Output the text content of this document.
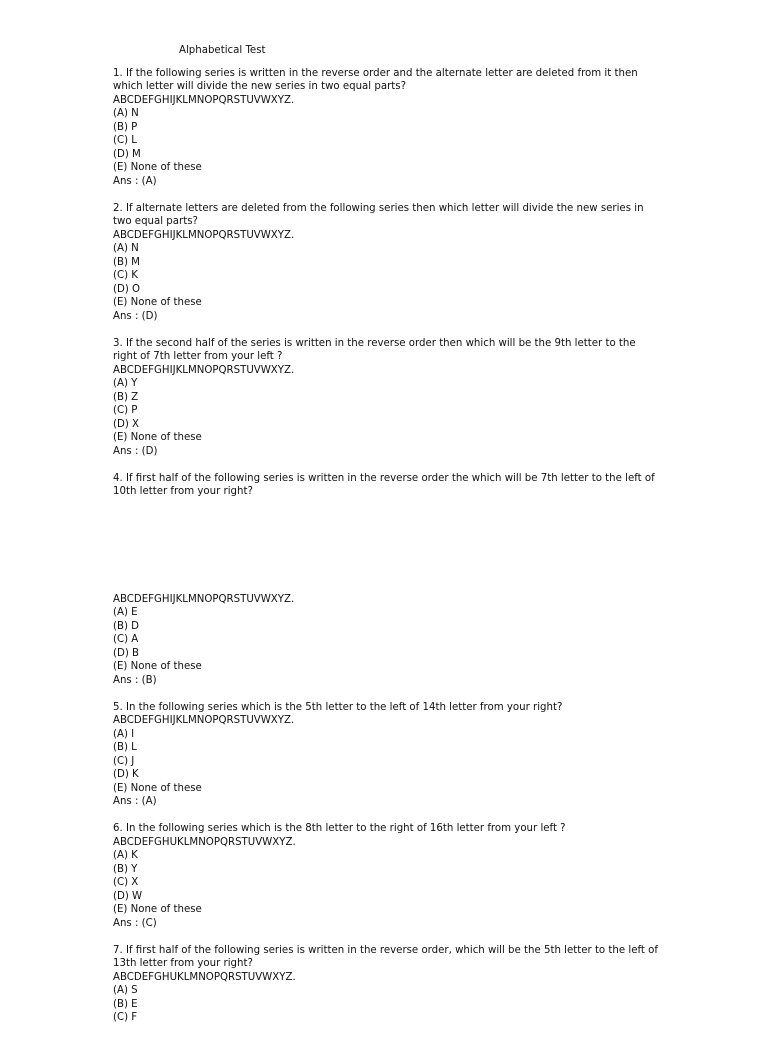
Alphabetical Test
1. If the following series is written in the reverse order and the alternate letter are deleted from it then
which letter will divide the new series in two equal parts?
ABCDEFGHIJKLMNOPQRSTUVWXYZ.
(A) N
(B) P
(C) L
(D) M
(E) None of these
Ans : (A)
2. If alternate letters are deleted from the following series then which letter will divide the new series in
two equal parts?
ABCDEFGHIJKLMNOPQRSTUVWXYZ.
(A) N
(B) M
(C) K
(D) O
(E) None of these
Ans : (D)
3. If the second half of the series is written in the reverse order then which will be the 9th letter to the
right of 7th letter from your left ?
ABCDEFGHIJKLMNOPQRSTUVWXYZ.
(A) Y
(B) Z
(C) P
(D) X
(E) None of these
Ans : (D)
4. If first half of the following series is written in the reverse order the which will be 7th letter to the left of
10th letter from your right?
ABCDEFGHIJKLMNOPQRSTUVWXYZ.
(A) E
(B) D
(C) A
(D) B
(E) None of these
Ans : (B)
5. In the following series which is the 5th letter to the left of 14th letter from your right?
ABCDEFGHIJKLMNOPQRSTUVWXYZ.
(A) I
(B) L
(C) J
(D) K
(E) None of these
Ans : (A)
6. In the following series which is the 8th letter to the right of 16th letter from your left ?
ABCDEFGHUKLMNOPQRSTUVWXYZ.
(A) K
(B) Y
(C) X
(D) W
(E) None of these
Ans : (C)
7. If first half of the following series is written in the reverse order, which will be the 5th letter to the left of
13th letter from your right?
ABCDEFGHUKLMNOPQRSTUVWXYZ.
(A) S
(B) E
(C) F
